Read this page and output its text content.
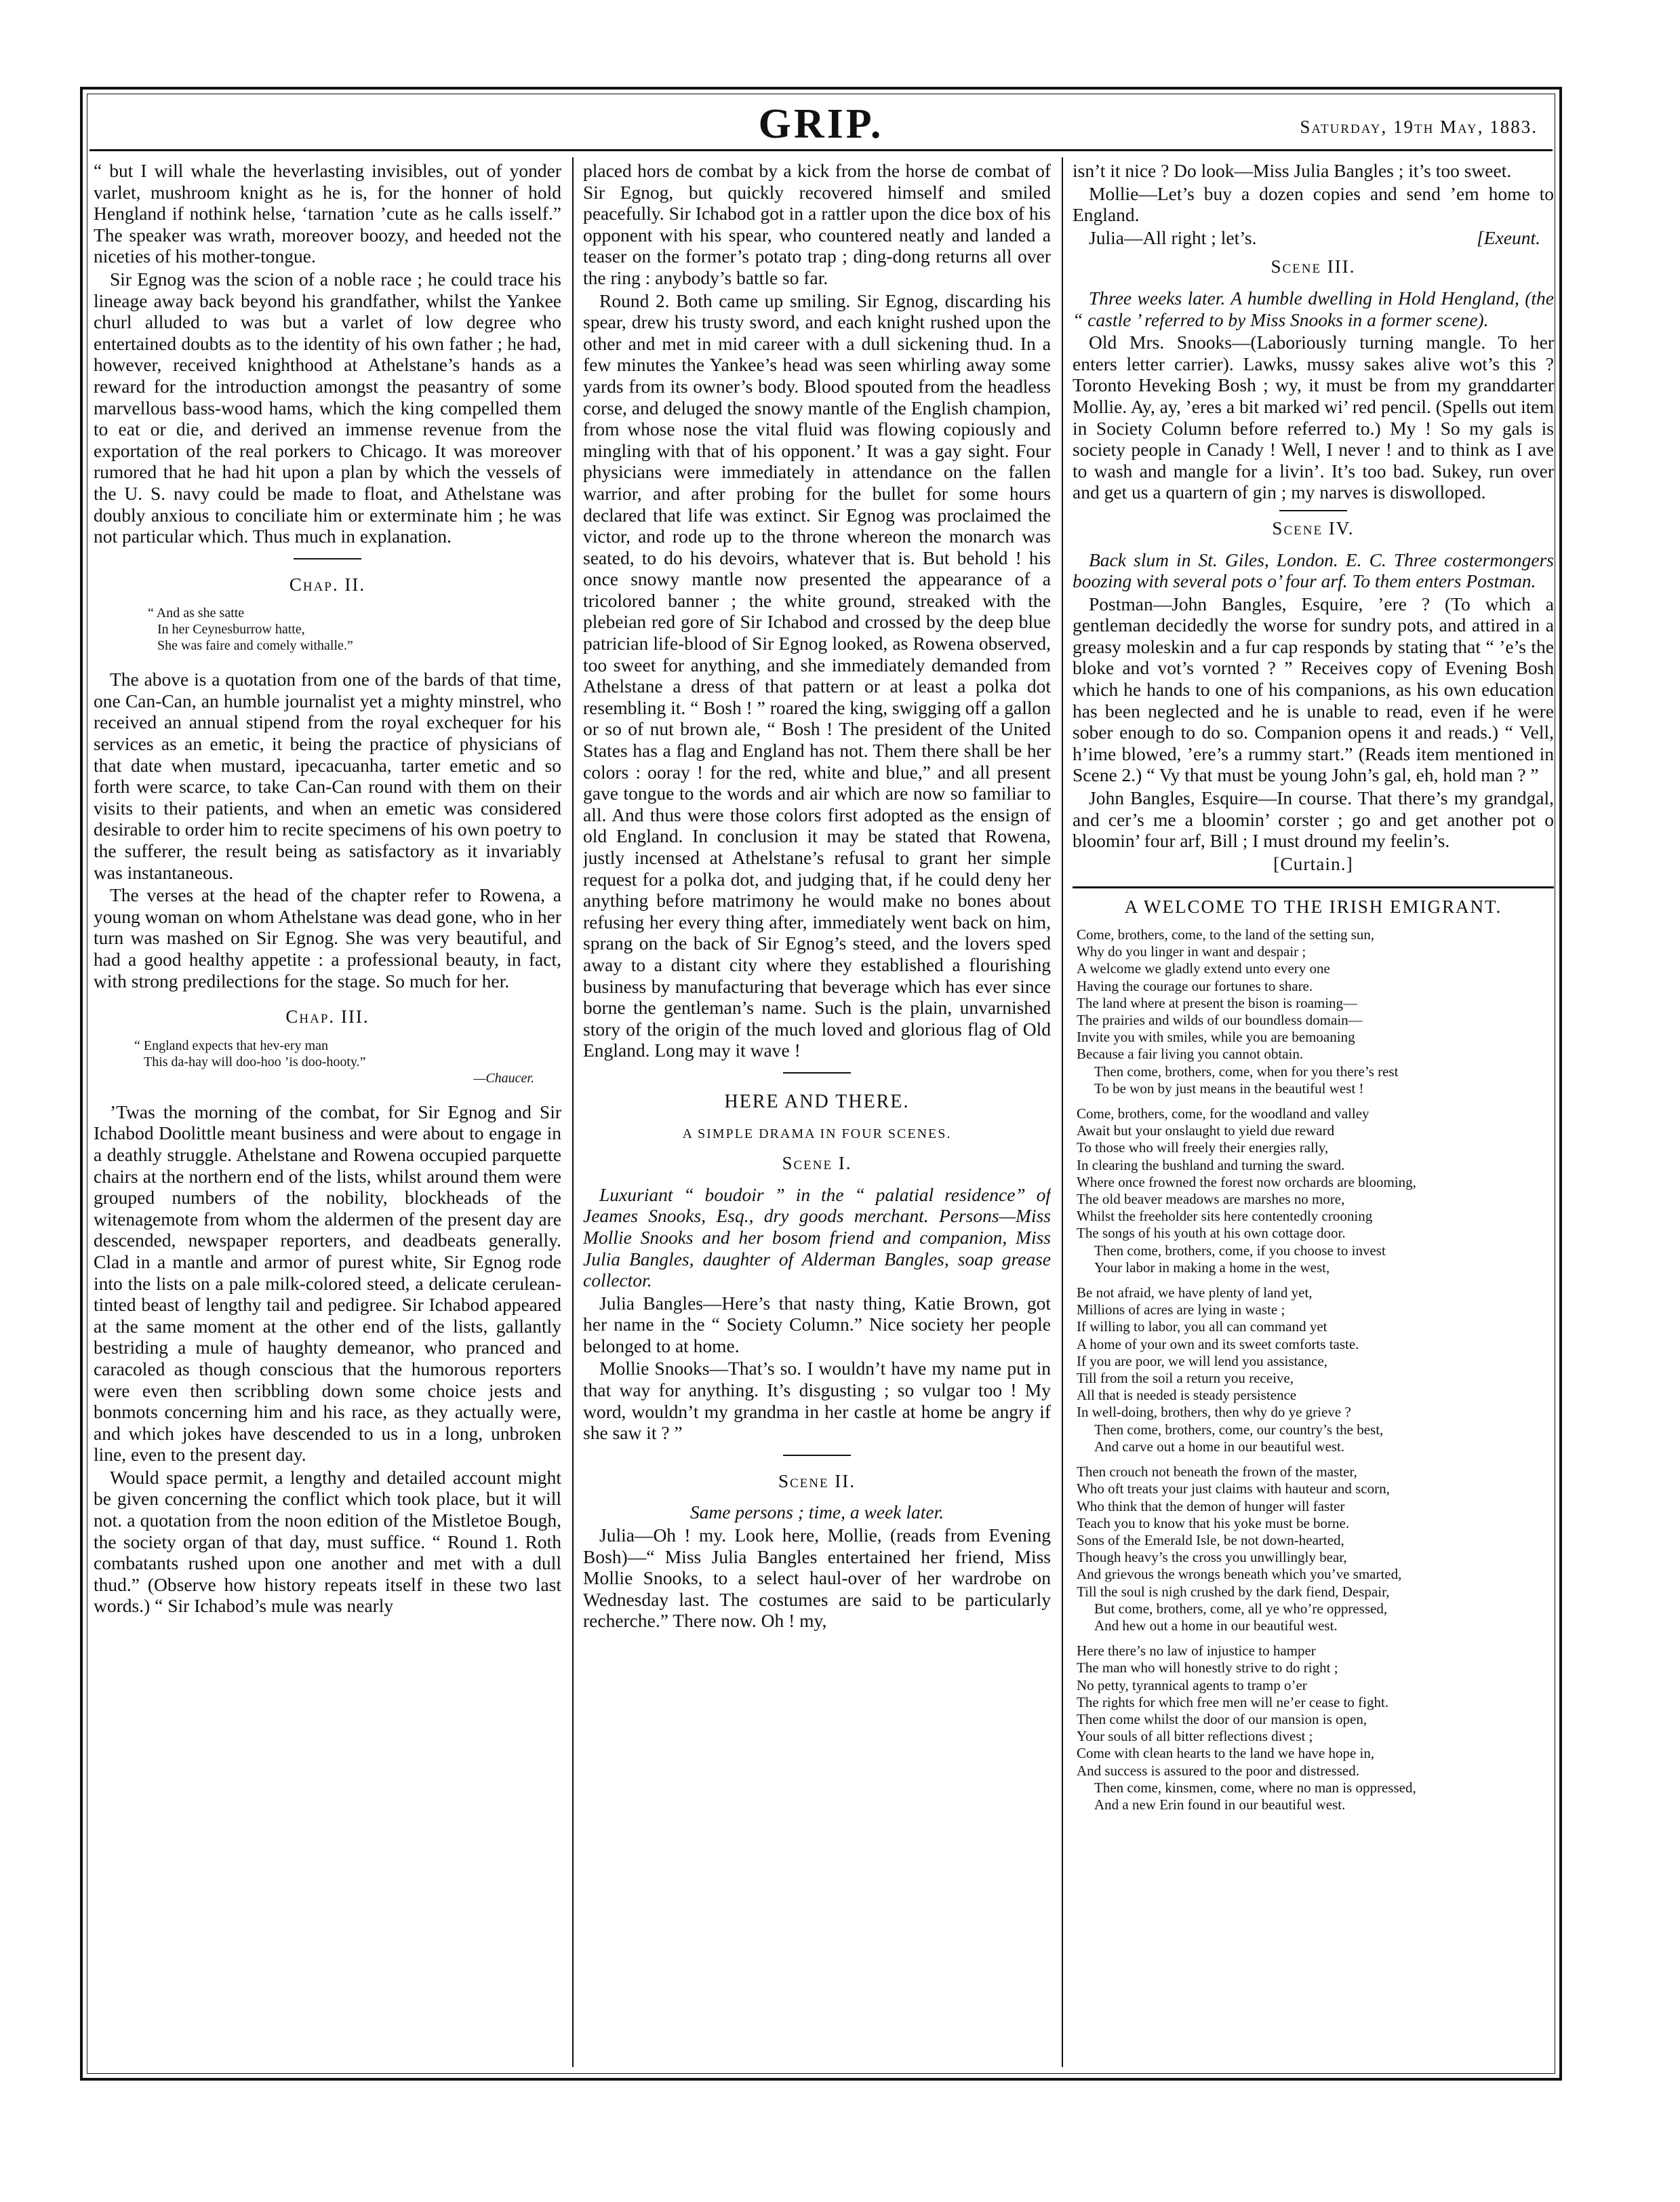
GRIP.	Saturday, 19th May, 1883.

“ but I will whale the heverlasting invisibles, out of yonder varlet, mushroom knight as he is, for the honner of hold Hengland if nothink helse, ‘tarnation ’cute as he calls isself.” The speaker was wrath, moreover boozy, and heeded not the niceties of his mother-tongue.

Sir Egnog was the scion of a noble race ; he could trace his lineage away back beyond his grandfather, whilst the Yankee churl alluded to was but a varlet of low degree who entertained doubts as to the identity of his own father ; he had, however, received knighthood at Athelstane’s hands as a reward for the introduction amongst the peasantry of some marvellous bass-wood hams, which the king compelled them to eat or die, and derived an immense revenue from the exportation of the real porkers to Chicago. It was moreover rumored that he had hit upon a plan by which the vessels of the U. S. navy could be made to float, and Athelstane was doubly anxious to conciliate him or exterminate him ; he was not particular which. Thus much in explanation.

Chap. II.
“ And as she satte
In her Ceynesburrow hatte,
She was faire and comely withalle.”

The above is a quotation from one of the bards of that time, one Can-Can, an humble journalist yet a mighty minstrel, who received an annual stipend from the royal exchequer for his services as an emetic, it being the practice of physicians of that date when mustard, ipecacuanha, tarter emetic and so forth were scarce, to take Can-Can round with them on their visits to their patients, and when an emetic was considered desirable to order him to recite specimens of his own poetry to the sufferer, the result being as satisfactory as it invariably was instantaneous.

The verses at the head of the chapter refer to Rowena, a young woman on whom Athelstane was dead gone, who in her turn was mashed on Sir Egnog. She was very beautiful, and had a good healthy appetite : a professional beauty, in fact, with strong predilections for the stage. So much for her.

Chap. III.
“ England expects that hev-ery man
This da-hay will doo-hoo ’is doo-hooty.”
—Chaucer.

’Twas the morning of the combat, for Sir Egnog and Sir Ichabod Doolittle meant business and were about to engage in a deathly struggle. Athelstane and Rowena occupied parquette chairs at the northern end of the lists, whilst around them were grouped numbers of the nobility, blockheads of the witenagemote from whom the aldermen of the present day are descended, newspaper reporters, and deadbeats generally. Clad in a mantle and armor of purest white, Sir Egnog rode into the lists on a pale milk-colored steed, a delicate cerulean-tinted beast of lengthy tail and pedigree. Sir Ichabod appeared at the same moment at the other end of the lists, gallantly bestriding a mule of haughty demeanor, who pranced and caracoled as though conscious that the humorous reporters were even then scribbling down some choice jests and bonmots concerning him and his race, as they actually were, and which jokes have descended to us in a long, unbroken line, even to the present day.

Would space permit, a lengthy and detailed account might be given concerning the conflict which took place, but it will not. a quotation from the noon edition of the Mistletoe Bough, the society organ of that day, must suffice. “ Round 1. Roth combatants rushed upon one another and met with a dull thud.” (Observe how history repeats itself in these two last words.) “ Sir Ichabod’s mule was nearly

placed hors de combat by a kick from the horse de combat of Sir Egnog, but quickly recovered himself and smiled peacefully. Sir Ichabod got in a rattler upon the dice box of his opponent with his spear, who countered neatly and landed a teaser on the former’s potato trap ; ding-dong returns all over the ring : anybody’s battle so far.

Round 2. Both came up smiling. Sir Egnog, discarding his spear, drew his trusty sword, and each knight rushed upon the other and met in mid career with a dull sickening thud. In a few minutes the Yankee’s head was seen whirling away some yards from its owner’s body. Blood spouted from the headless corse, and deluged the snowy mantle of the English champion, from whose nose the vital fluid was flowing copiously and mingling with that of his opponent.’ It was a gay sight. Four physicians were immediately in attendance on the fallen warrior, and after probing for the bullet for some hours declared that life was extinct. Sir Egnog was proclaimed the victor, and rode up to the throne whereon the monarch was seated, to do his devoirs, whatever that is. But behold ! his once snowy mantle now presented the appearance of a tricolored banner ; the white ground, streaked with the plebeian red gore of Sir Ichabod and crossed by the deep blue patrician life-blood of Sir Egnog looked, as Rowena observed, too sweet for anything, and she immediately demanded from Athelstane a dress of that pattern or at least a polka dot resembling it. “ Bosh ! ” roared the king, swigging off a gallon or so of nut brown ale, “ Bosh ! The president of the United States has a flag and England has not. Them there shall be her colors : ooray ! for the red, white and blue,” and all present gave tongue to the words and air which are now so familiar to all. And thus were those colors first adopted as the ensign of old England. In conclusion it may be stated that Rowena, justly incensed at Athelstane’s refusal to grant her simple request for a polka dot, and judging that, if he could deny her anything before matrimony he would make no bones about refusing her every thing after, immediately went back on him, sprang on the back of Sir Egnog’s steed, and the lovers sped away to a distant city where they established a flourishing business by manufacturing that beverage which has ever since borne the gentleman’s name. Such is the plain, unvarnished story of the origin of the much loved and glorious flag of Old England. Long may it wave !

HERE AND THERE.
A SIMPLE DRAMA IN FOUR SCENES.
Scene I.

Luxuriant “ boudoir ” in the “ palatial residence” of Jeames Snooks, Esq., dry goods merchant. Persons—Miss Mollie Snooks and her bosom friend and companion, Miss Julia Bangles, daughter of Alderman Bangles, soap grease collector.

Julia Bangles—Here’s that nasty thing, Katie Brown, got her name in the “ Society Column.” Nice society her people belonged to at home.

Mollie Snooks—That’s so. I wouldn’t have my name put in that way for anything. It’s disgusting ; so vulgar too ! My word, wouldn’t my grandma in her castle at home be angry if she saw it ? ”

Scene II.

Same persons ; time, a week later.

Julia—Oh ! my. Look here, Mollie, (reads from Evening Bosh)—“ Miss Julia Bangles entertained her friend, Miss Mollie Snooks, to a select haul-over of her wardrobe on Wednesday last. The costumes are said to be particularly recherche.” There now. Oh ! my,

isn’t it nice ? Do look—Miss Julia Bangles ; it’s too sweet.

Mollie—Let’s buy a dozen copies and send ’em home to England.

Julia—All right ; let’s.	[Exeunt.

Scene III.

Three weeks later. A humble dwelling in Hold Hengland, (the “ castle ’ referred to by Miss Snooks in a former scene).

Old Mrs. Snooks—(Laboriously turning mangle. To her enters letter carrier). Lawks, mussy sakes alive wot’s this ? Toronto Heveking Bosh ; wy, it must be from my granddarter Mollie. Ay, ay, ’eres a bit marked wi’ red pencil. (Spells out item in Society Column before referred to.) My ! So my gals is society people in Canady ! Well, I never ! and to think as I ave to wash and mangle for a livin’. It’s too bad. Sukey, run over and get us a quartern of gin ; my narves is diswolloped.

Scene IV.

Back slum in St. Giles, London. E. C. Three costermongers boozing with several pots o’ four arf. To them enters Postman.

Postman—John Bangles, Esquire, ’ere ? (To which a gentleman decidedly the worse for sundry pots, and attired in a greasy moleskin and a fur cap responds by stating that “ ’e’s the bloke and vot’s vornted ? ” Receives copy of Evening Bosh which he hands to one of his companions, as his own education has been neglected and he is unable to read, even if he were sober enough to do so. Companion opens it and reads.) “ Vell, h’ime blowed, ’ere’s a rummy start.” (Reads item mentioned in Scene 2.) “ Vy that must be young John’s gal, eh, hold man ? ”

John Bangles, Esquire—In course. That there’s my grandgal, and cer’s me a bloomin’ corster ; go and get another pot o bloomin’ four arf, Bill ; I must dround my feelin’s.

[Curtain.]
A WELCOME TO THE IRISH EMIGRANT.
Come, brothers, come, to the land of the setting sun,
Why do you linger in want and despair ;
A welcome we gladly extend unto every one
Having the courage our fortunes to share.
The land where at present the bison is roaming—
The prairies and wilds of our boundless domain—
Invite you with smiles, while you are bemoaning
Because a fair living you cannot obtain.
Then come, brothers, come, when for you there’s rest
To be won by just means in the beautiful west !
Come, brothers, come, for the woodland and valley
Await but your onslaught to yield due reward
To those who will freely their energies rally,
In clearing the bushland and turning the sward.
Where once frowned the forest now orchards are blooming,
The old beaver meadows are marshes no more,
Whilst the freeholder sits here contentedly crooning
The songs of his youth at his own cottage door.
Then come, brothers, come, if you choose to invest
Your labor in making a home in the west,
Be not afraid, we have plenty of land yet,
Millions of acres are lying in waste ;
If willing to labor, you all can command yet
A home of your own and its sweet comforts taste.
If you are poor, we will lend you assistance,
Till from the soil a return you receive,
All that is needed is steady persistence
In well-doing, brothers, then why do ye grieve ?
Then come, brothers, come, our country’s the best,
And carve out a home in our beautiful west.
Then crouch not beneath the frown of the master,
Who oft treats your just claims with hauteur and scorn,
Who think that the demon of hunger will faster
Teach you to know that his yoke must be borne.
Sons of the Emerald Isle, be not down-hearted,
Though heavy’s the cross you unwillingly bear,
And grievous the wrongs beneath which you’ve smarted,
Till the soul is nigh crushed by the dark fiend, Despair,
But come, brothers, come, all ye who’re oppressed,
And hew out a home in our beautiful west.
Here there’s no law of injustice to hamper
The man who will honestly strive to do right ;
No petty, tyrannical agents to tramp o’er
The rights for which free men will ne’er cease to fight.
Then come whilst the door of our mansion is open,
Your souls of all bitter reflections divest ;
Come with clean hearts to the land we have hope in,
And success is assured to the poor and distressed.
Then come, kinsmen, come, where no man is oppressed,
And a new Erin found in our beautiful west.
